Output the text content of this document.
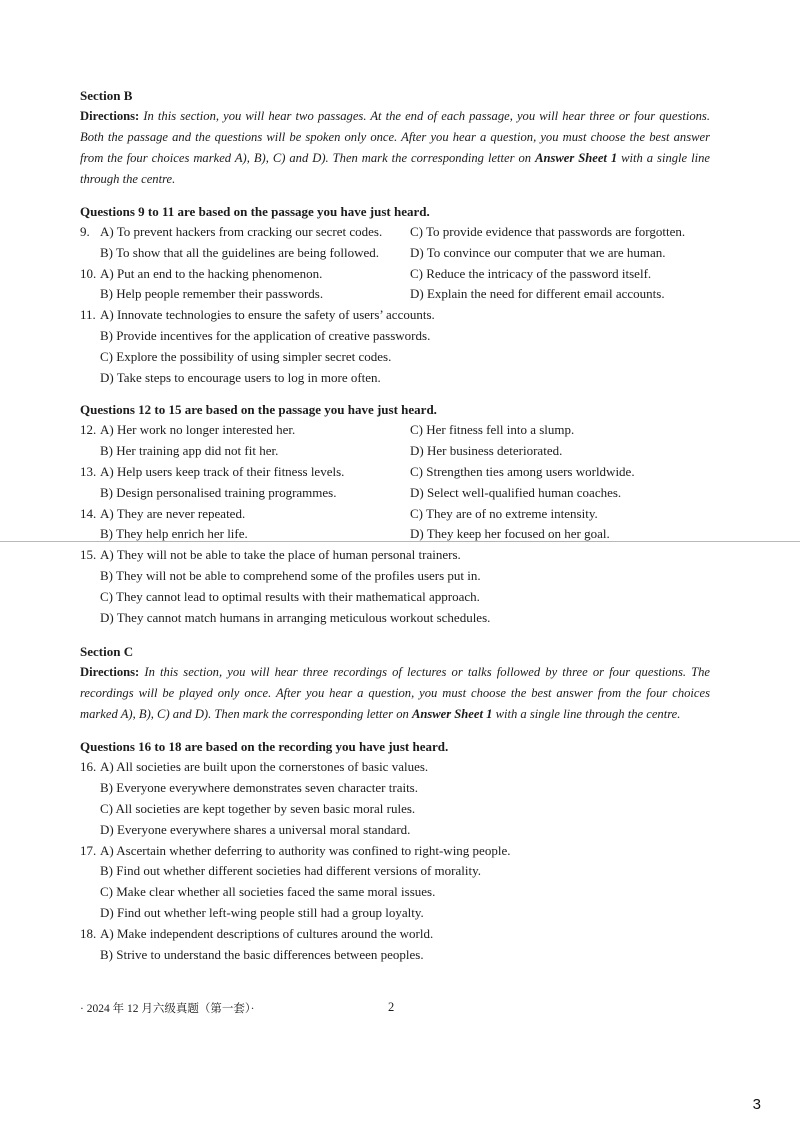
Section B
Directions: In this section, you will hear two passages. At the end of each passage, you will hear three or four questions. Both the passage and the questions will be spoken only once. After you hear a question, you must choose the best answer from the four choices marked A), B), C) and D). Then mark the corresponding letter on Answer Sheet 1 with a single line through the centre.
Questions 9 to 11 are based on the passage you have just heard.
9. A) To prevent hackers from cracking our secret codes.	C) To provide evidence that passwords are forgotten.
B) To show that all the guidelines are being followed.	D) To convince our computer that we are human.
10. A) Put an end to the hacking phenomenon.	C) Reduce the intricacy of the password itself.
B) Help people remember their passwords.	D) Explain the need for different email accounts.
11. A) Innovate technologies to ensure the safety of users’ accounts.
B) Provide incentives for the application of creative passwords.
C) Explore the possibility of using simpler secret codes.
D) Take steps to encourage users to log in more often.
Questions 12 to 15 are based on the passage you have just heard.
12. A) Her work no longer interested her.	C) Her fitness fell into a slump.
B) Her training app did not fit her.	D) Her business deteriorated.
13. A) Help users keep track of their fitness levels.	C) Strengthen ties among users worldwide.
B) Design personalised training programmes.	D) Select well-qualified human coaches.
14. A) They are never repeated.	C) They are of no extreme intensity.
B) They help enrich her life.	D) They keep her focused on her goal.
15. A) They will not be able to take the place of human personal trainers.
B) They will not be able to comprehend some of the profiles users put in.
C) They cannot lead to optimal results with their mathematical approach.
D) They cannot match humans in arranging meticulous workout schedules.
Section C
Directions: In this section, you will hear three recordings of lectures or talks followed by three or four questions. The recordings will be played only once. After you hear a question, you must choose the best answer from the four choices marked A), B), C) and D). Then mark the corresponding letter on Answer Sheet 1 with a single line through the centre.
Questions 16 to 18 are based on the recording you have just heard.
16. A) All societies are built upon the cornerstones of basic values.
B) Everyone everywhere demonstrates seven character traits.
C) All societies are kept together by seven basic moral rules.
D) Everyone everywhere shares a universal moral standard.
17. A) Ascertain whether deferring to authority was confined to right-wing people.
B) Find out whether different societies had different versions of morality.
C) Make clear whether all societies faced the same moral issues.
D) Find out whether left-wing people still had a group loyalty.
18. A) Make independent descriptions of cultures around the world.
B) Strive to understand the basic differences between peoples.
· 2024 年 12 月六级真题（第一套）·	2
3
